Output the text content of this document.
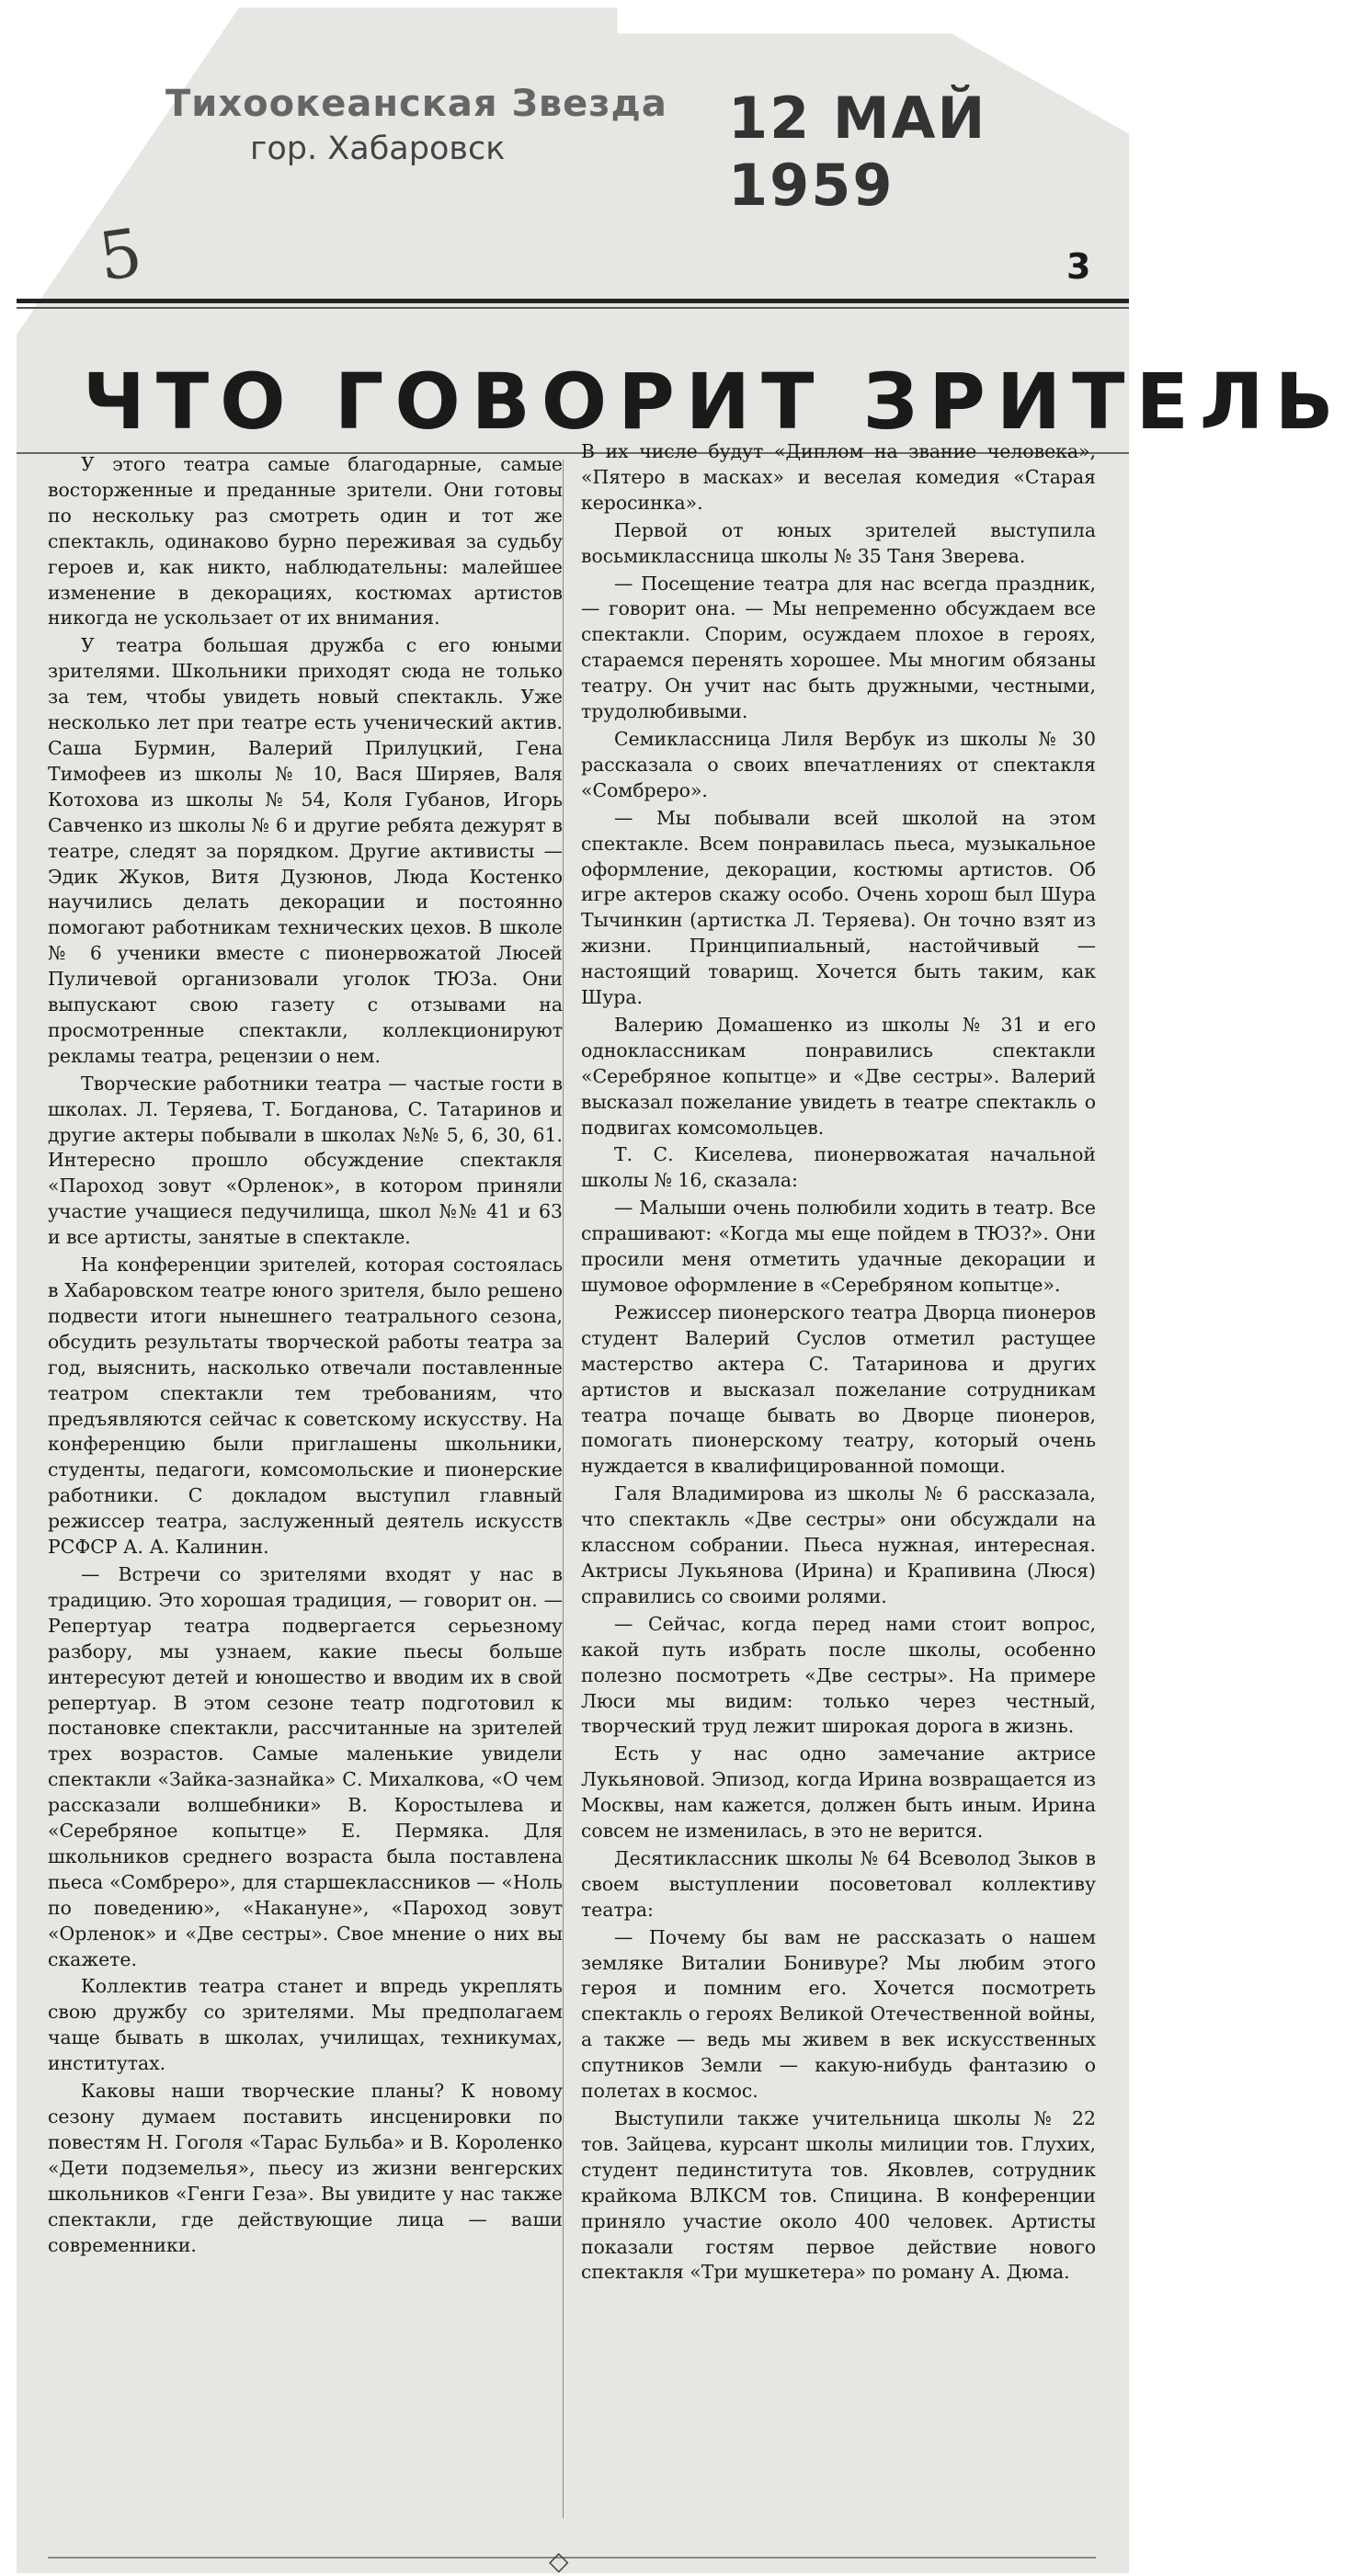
Тихоокеанская Звезда
гор. Хабаровск	12 МАЙ 1959
5	3
ЧТО ГОВОРИТ ЗРИТЕЛЬ

У этого театра самые благодарные, самые восторженные и преданные зрители. Они готовы по нескольку раз смотреть один и тот же спектакль, одинаково бурно переживая за судьбу героев и, как никто, наблюдательны: малейшее изменение в декорациях, костюмах артистов никогда не ускользает от их внимания.

У театра большая дружба с его юными зрителями. Школьники приходят сюда не только за тем, чтобы увидеть новый спектакль. Уже несколько лет при театре есть ученический актив. Саша Бурмин, Валерий Прилуцкий, Гена Тимофеев из школы № 10, Вася Ширяев, Валя Котохова из школы № 54, Коля Губанов, Игорь Савченко из школы № 6 и другие ребята дежурят в театре, следят за порядком. Другие активисты — Эдик Жуков, Витя Дузюнов, Люда Костенко научились делать декорации и постоянно помогают работникам технических цехов. В школе № 6 ученики вместе с пионервожатой Люсей Пуличевой организовали уголок ТЮЗа. Они выпускают свою газету с отзывами на просмотренные спектакли, коллекционируют рекламы театра, рецензии о нем.

Творческие работники театра — частые гости в школах. Л. Теряева, Т. Богданова, С. Татаринов и другие актеры побывали в школах №№ 5, 6, 30, 61. Интересно прошло обсуждение спектакля «Пароход зовут «Орленок», в котором приняли участие учащиеся педучилища, школ №№ 41 и 63 и все артисты, занятые в спектакле.

На конференции зрителей, которая состоялась в Хабаровском театре юного зрителя, было решено подвести итоги нынешнего театрального сезона, обсудить результаты творческой работы театра за год, выяснить, насколько отвечали поставленные театром спектакли тем требованиям, что предъявляются сейчас к советскому искусству. На конференцию были приглашены школьники, студенты, педагоги, комсомольские и пионерские работники. С докладом выступил главный режиссер театра, заслуженный деятель искусств РСФСР А. А. Калинин.

— Встречи со зрителями входят у нас в традицию. Это хорошая традиция, — говорит он. — Репертуар театра подвергается серьезному разбору, мы узнаем, какие пьесы больше интересуют детей и юношество и вводим их в свой репертуар. В этом сезоне театр подготовил к постановке спектакли, рассчитанные на зрителей трех возрастов. Самые маленькие увидели спектакли «Зайка-зазнайка» С. Михалкова, «О чем рассказали волшебники» В. Коростылева и «Серебряное копытце» Е. Пермяка. Для школьников среднего возраста была поставлена пьеса «Сомбреро», для старшеклассников — «Ноль по поведению», «Накануне», «Пароход зовут «Орленок» и «Две сестры». Свое мнение о них вы скажете.

Коллектив театра станет и впредь укреплять свою дружбу со зрителями. Мы предполагаем чаще бывать в школах, училищах, техникумах, институтах.

Каковы наши творческие планы? К новому сезону думаем поставить инсценировки по повестям Н. Гоголя «Тарас Бульба» и В. Короленко «Дети подземелья», пьесу из жизни венгерских школьников «Генги Геза». Вы увидите у нас также спектакли, где действующие лица — ваши современники.

В их числе будут «Диплом на звание человека», «Пятеро в масках» и веселая комедия «Старая керосинка».

Первой от юных зрителей выступила восьмиклассница школы № 35 Таня Зверева.

— Посещение театра для нас всегда праздник, — говорит она. — Мы непременно обсуждаем все спектакли. Спорим, осуждаем плохое в героях, стараемся перенять хорошее. Мы многим обязаны театру. Он учит нас быть дружными, честными, трудолюбивыми.

Семиклассница Лиля Вербук из школы № 30 рассказала о своих впечатлениях от спектакля «Сомбреро».

— Мы побывали всей школой на этом спектакле. Всем понравилась пьеса, музыкальное оформление, декорации, костюмы артистов. Об игре актеров скажу особо. Очень хорош был Шура Тычинкин (артистка Л. Теряева). Он точно взят из жизни. Принципиальный, настойчивый — настоящий товарищ. Хочется быть таким, как Шура.

Валерию Домашенко из школы № 31 и его одноклассникам понравились спектакли «Серебряное копытце» и «Две сестры». Валерий высказал пожелание увидеть в театре спектакль о подвигах комсомольцев.

Т. С. Киселева, пионервожатая начальной школы № 16, сказала:

— Малыши очень полюбили ходить в театр. Все спрашивают: «Когда мы еще пойдем в ТЮЗ?». Они просили меня отметить удачные декорации и шумовое оформление в «Серебряном копытце».

Режиссер пионерского театра Дворца пионеров студент Валерий Суслов отметил растущее мастерство актера С. Татаринова и других артистов и высказал пожелание сотрудникам театра почаще бывать во Дворце пионеров, помогать пионерскому театру, который очень нуждается в квалифицированной помощи.

Галя Владимирова из школы № 6 рассказала, что спектакль «Две сестры» они обсуждали на классном собрании. Пьеса нужная, интересная. Актрисы Лукьянова (Ирина) и Крапивина (Люся) справились со своими ролями.

— Сейчас, когда перед нами стоит вопрос, какой путь избрать после школы, особенно полезно посмотреть «Две сестры». На примере Люси мы видим: только через честный, творческий труд лежит широкая дорога в жизнь.

Есть у нас одно замечание актрисе Лукьяновой. Эпизод, когда Ирина возвращается из Москвы, нам кажется, должен быть иным. Ирина совсем не изменилась, в это не верится.

Десятиклассник школы № 64 Всеволод Зыков в своем выступлении посоветовал коллективу театра:

— Почему бы вам не рассказать о нашем земляке Виталии Бонивуре? Мы любим этого героя и помним его. Хочется посмотреть спектакль о героях Великой Отечественной войны, а также — ведь мы живем в век искусственных спутников Земли — какую-нибудь фантазию о полетах в космос.

Выступили также учительница школы № 22 тов. Зайцева, курсант школы милиции тов. Глухих, студент пединститута тов. Яковлев, сотрудник крайкома ВЛКСМ тов. Спицина. В конференции приняло участие около 400 человек. Артисты показали гостям первое действие нового спектакля «Три мушкетера» по роману А. Дюма.

◇
